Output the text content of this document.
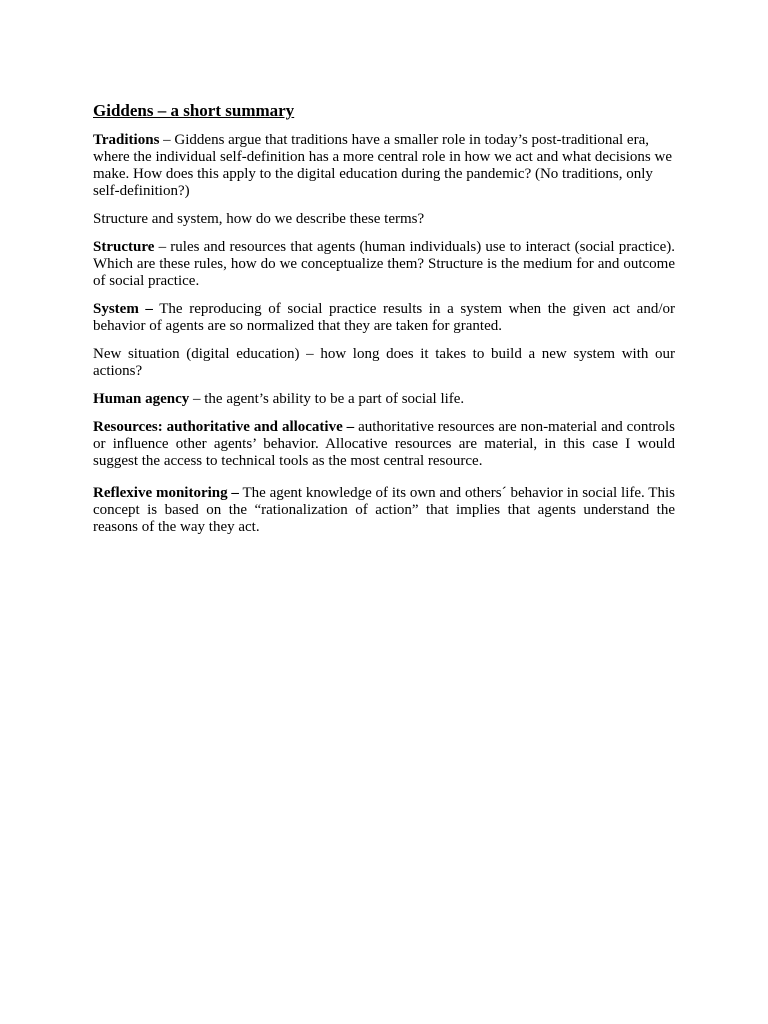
Giddens – a short summary

Traditions – Giddens argue that traditions have a smaller role in today’s post-traditional era, where the individual self-definition has a more central role in how we act and what decisions we make. How does this apply to the digital education during the pandemic? (No traditions, only self-definition?)

Structure and system, how do we describe these terms?

Structure – rules and resources that agents (human individuals) use to interact (social practice). Which are these rules, how do we conceptualize them? Structure is the medium for and outcome of social practice.

System – The reproducing of social practice results in a system when the given act and/or behavior of agents are so normalized that they are taken for granted.

New situation (digital education) – how long does it takes to build a new system with our actions?

Human agency – the agent’s ability to be a part of social life.

Resources: authoritative and allocative – authoritative resources are non-material and controls or influence other agents’ behavior. Allocative resources are material, in this case I would suggest the access to technical tools as the most central resource.

Reflexive monitoring – The agent knowledge of its own and others´ behavior in social life. This concept is based on the “rationalization of action” that implies that agents understand the reasons of the way they act.
